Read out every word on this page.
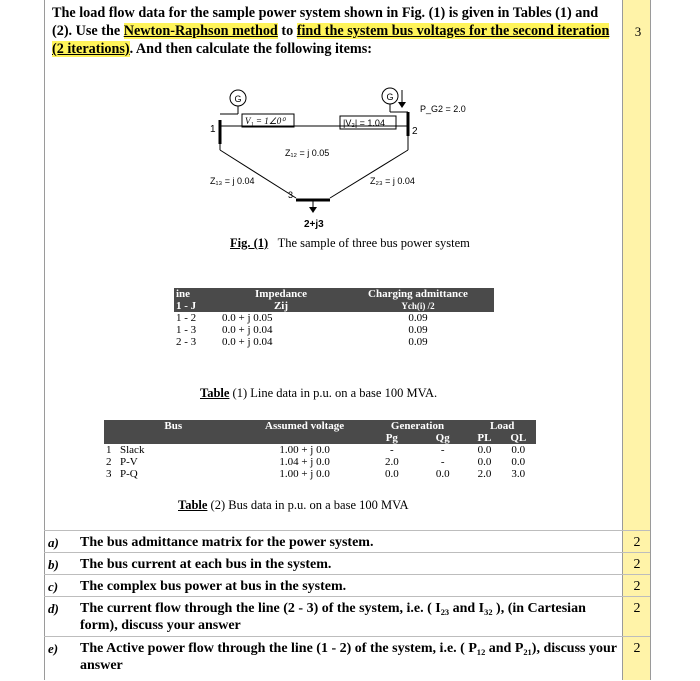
The load flow data for the sample power system shown in Fig. (1) is given in Tables (1) and (2). Use the Newton-Raphson method to find the system bus voltages for the second iteration (2 iterations). And then calculate the following items:
3
1
G
2
G
P_G2 = 2.0
V₁ = 1∠0⁰	|V₂| = 1.04
Z₁₂ = j 0.05
Z₁₃ = j 0.04	Z₂₃ = j 0.04
3
2+j3
Fig. (1) The sample of three bus power system
ine	Impedance	Charging admittance
1 - J	Zij	Ych(i) /2
1 - 2	0.0 + j 0.05	0.09
1 - 3	0.0 + j 0.04	0.09
2 - 3	0.0 + j 0.04	0.09
Table (1) Line data in p.u. on a base 100 MVA.
Bus		Assumed voltage	Generation		Load	
			Pg	Qg	PL	QL
1	Slack	1.00 + j 0.0	-	-	0.0	0.0
2	P-V	1.04 + j 0.0	2.0	-	0.0	0.0
3	P-Q	1.00 + j 0.0	0.0	0.0	2.0	3.0
Table (2) Bus data in p.u. on a base 100 MVA
a)	The bus admittance matrix for the power system.	2
b)	The bus current at each bus in the system.	2
c)	The complex bus power at bus in the system.	2
d)	The current flow through the line (2 - 3) of the system, i.e. ( I₂₃ and I₃₂ ), (in Cartesian form), discuss your answer
2
e)	The Active power flow through the line (1 - 2) of the system, i.e. ( P₁₂ and P₂₁), discuss your answer
2
